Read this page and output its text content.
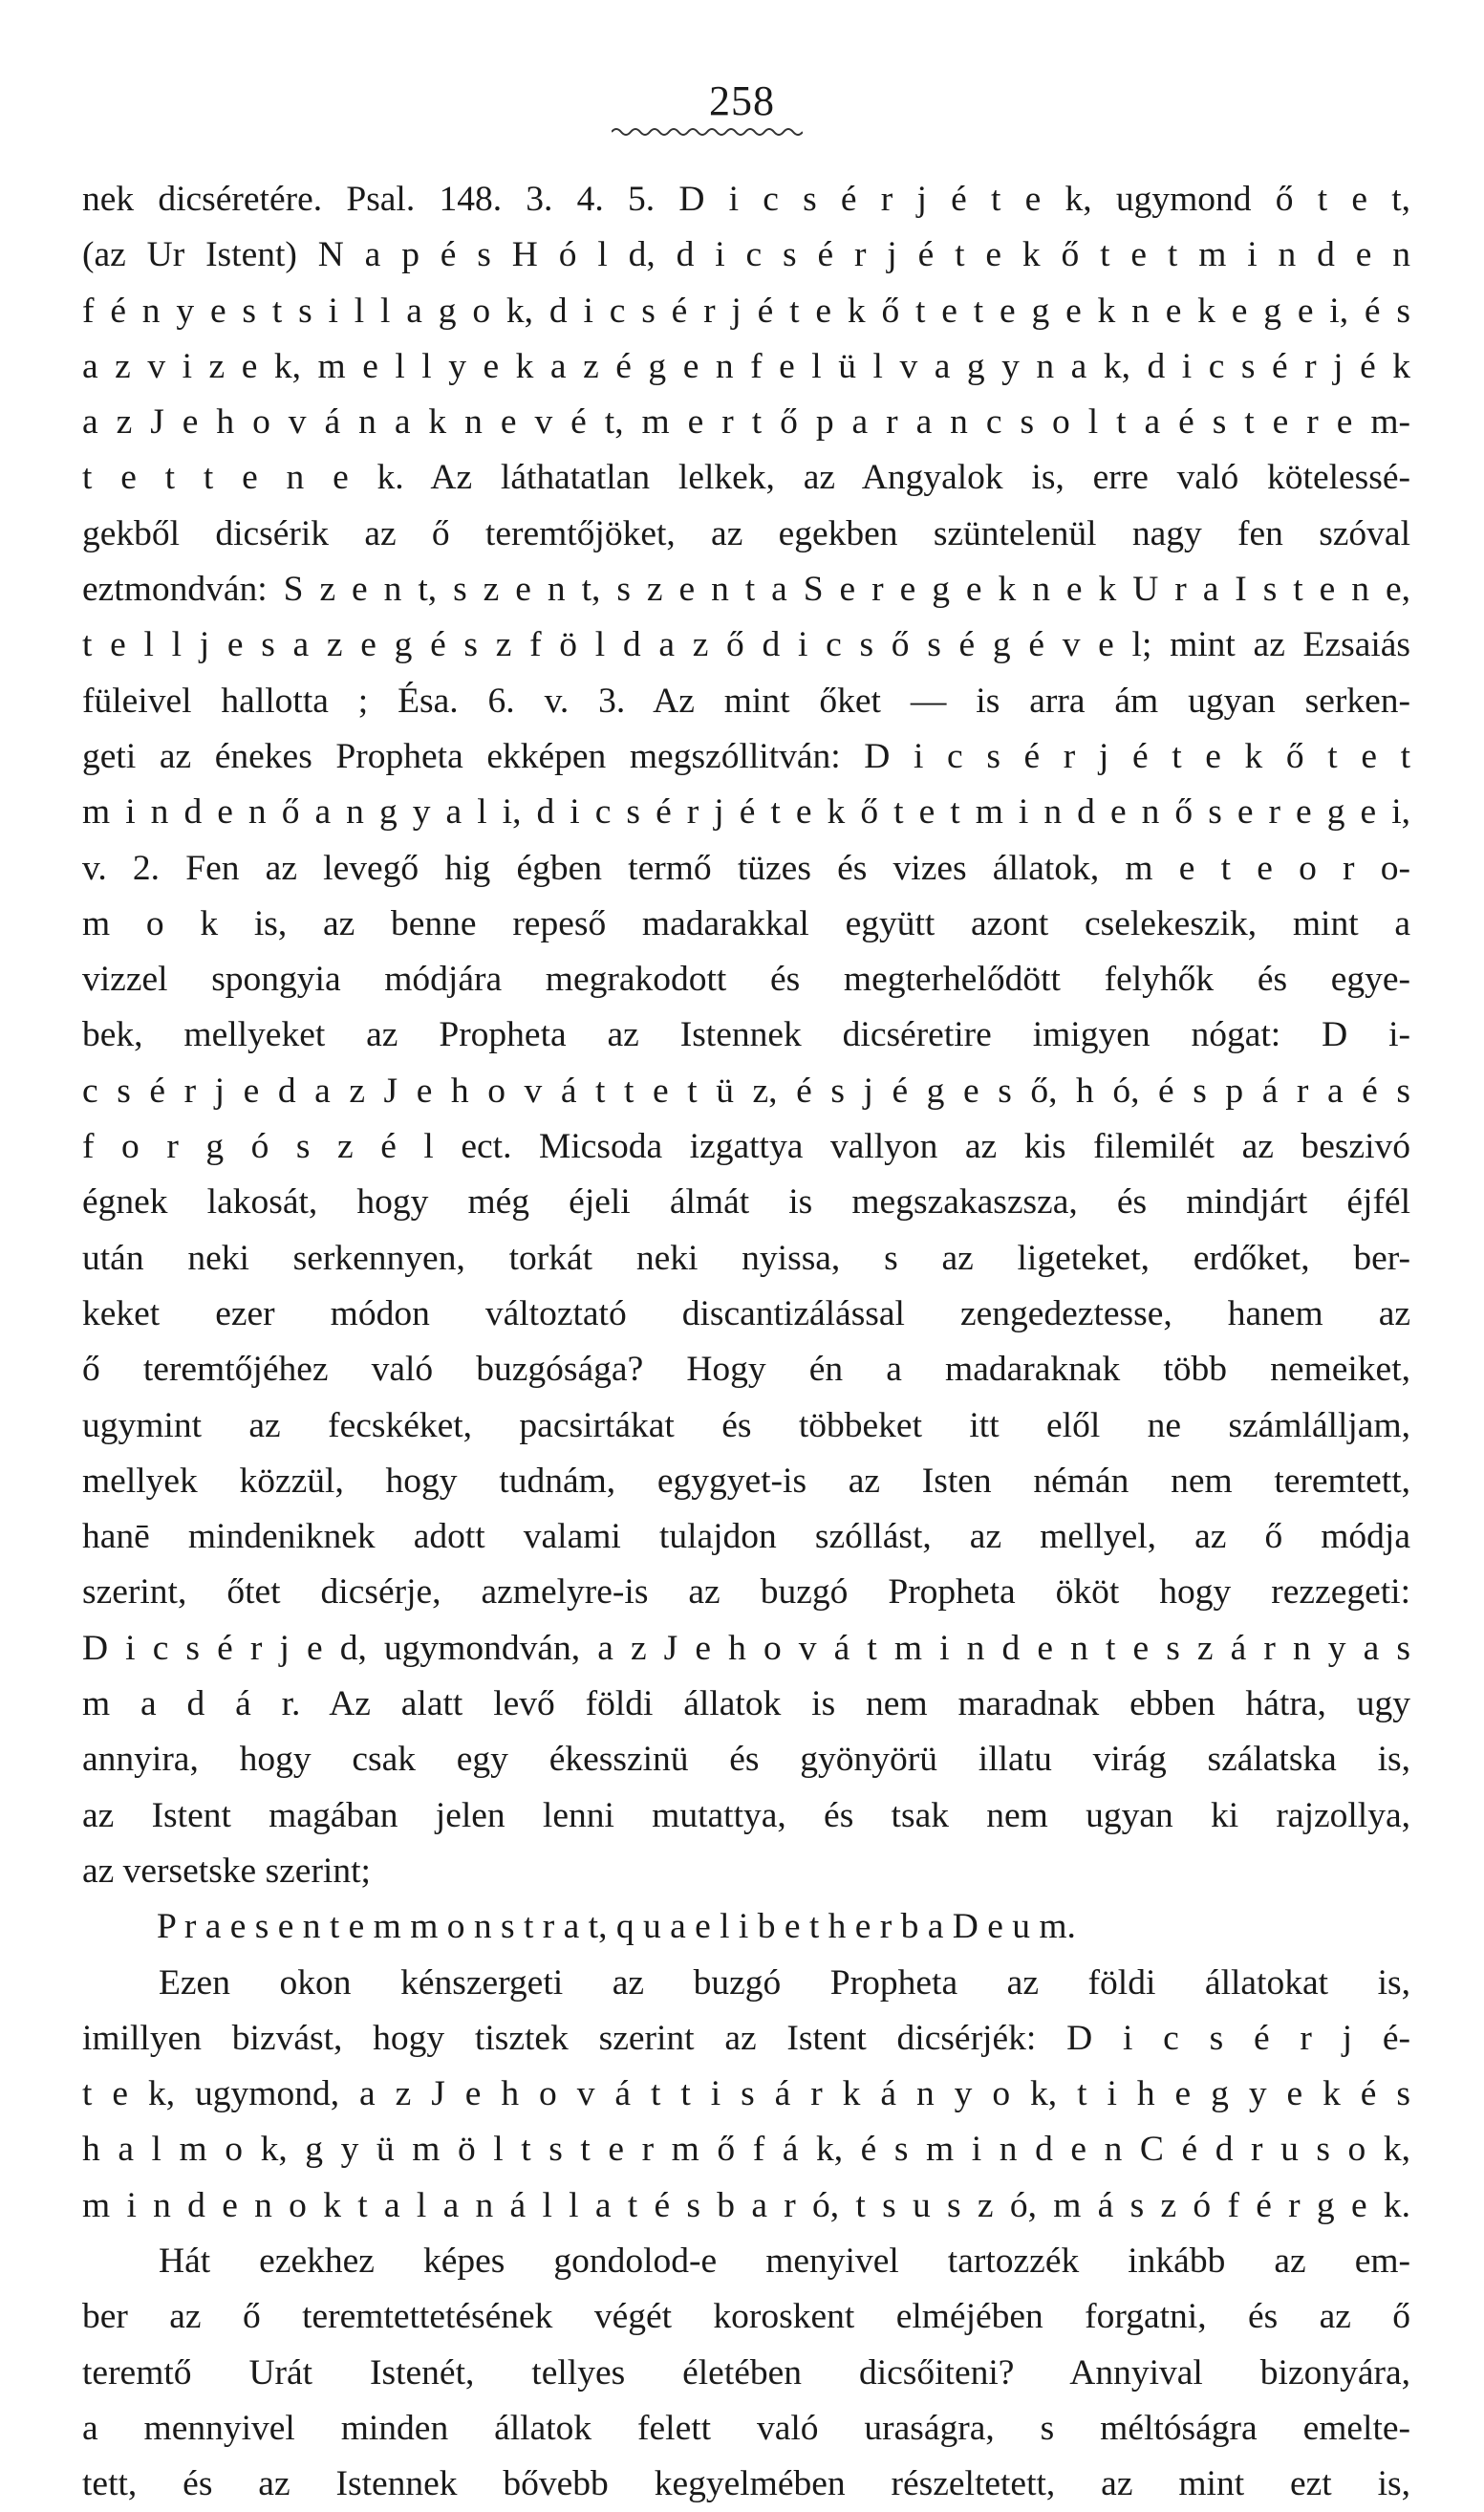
258
nek dicséretére. Psal. 148. 3. 4. 5. D i c s é r j é t e k, ugymond ő t e t,
(az Ur Istent) N a p é s H ó l d, d i c s é r j é t e k ő t e t m i n d e n
f é n y e s t s i l l a g o k, d i c s é r j é t e k ő t e t e g e k n e k e g e i, é s
a z v i z e k, m e l l y e k a z é g e n f e l ü l v a g y n a k, d i c s é r j é k
a z J e h o v á n a k n e v é t, m e r t ő p a r a n c s o l t a é s t e r e m-
t e t t e n e k. Az láthatatlan lelkek, az Angyalok is, erre való kötelessé-
gekből dicsérik az ő teremtőjöket, az egekben szüntelenül nagy fen szóval
eztmondván: S z e n t, s z e n t, s z e n t a S e r e g e k n e k U r a I s t e n e,
t e l l j e s a z e g é s z f ö l d a z ő d i c s ő s é g é v e l; mint az Ezsaiás
füleivel hallotta ; Ésa. 6. v. 3. Az mint őket — is arra ám ugyan serken-
geti az énekes Propheta ekképen megszóllitván: D i c s é r j é t e k ő t e t
m i n d e n ő a n g y a l i, d i c s é r j é t e k ő t e t m i n d e n ő s e r e g e i,
v. 2. Fen az levegő hig égben termő tüzes és vizes állatok, m e t e o r o-
m o k is, az benne repeső madarakkal együtt azont cselekeszik, mint a
vizzel spongyia módjára megrakodott és megterhelődött felyhők és egye-
bek, mellyeket az Propheta az Istennek dicséretire imigyen nógat: D i-
c s é r j e d a z J e h o v á t t e t ü z, é s j é g e s ő, h ó, é s p á r a é s
f o r g ó s z é l ect. Micsoda izgattya vallyon az kis filemilét az beszivó
égnek lakosát, hogy még éjeli álmát is megszakaszsza, és mindjárt éjfél
után neki serkennyen, torkát neki nyissa, s az ligeteket, erdőket, ber-
keket ezer módon változtató discantizálással zengedeztesse, hanem az
ő teremtőjéhez való buzgósága? Hogy én a madaraknak több nemeiket,
ugymint az fecskéket, pacsirtákat és többeket itt elől ne számlálljam,
mellyek közzül, hogy tudnám, egygyet-is az Isten némán nem teremtett,
hanē mindeniknek adott valami tulajdon szóllást, az mellyel, az ő módja
szerint, őtet dicsérje, azmelyre-is az buzgó Propheta ököt hogy rezzegeti:
D i c s é r j e d, ugymondván, a z J e h o v á t m i n d e n t e s z á r n y a s
m a d á r. Az alatt levő földi állatok is nem maradnak ebben hátra, ugy
annyira, hogy csak egy ékesszinü és gyönyörü illatu virág szálatska is,
az Istent magában jelen lenni mutattya, és tsak nem ugyan ki rajzollya,
az versetske szerint;
P r a e s e n t e m m o n s t r a t, q u a e l i b e t h e r b a D e u m.
Ezen okon kénszergeti az buzgó Propheta az földi állatokat is,
imillyen bizvást, hogy tisztek szerint az Istent dicsérjék: D i c s é r j é-
t e k, ugymond, a z J e h o v á t t i s á r k á n y o k, t i h e g y e k é s
h a l m o k, g y ü m ö l t s t e r m ő f á k, é s m i n d e n C é d r u s o k,
m i n d e n o k t a l a n á l l a t é s b a r ó, t s u s z ó, m á s z ó f é r g e k.
Hát ezekhez képes gondolod-e menyivel tartozzék inkább az em-
ber az ő teremtettetésének végét koroskent elméjében forgatni, és az ő
teremtő Urát Istenét, tellyes életében dicsőiteni? Annyival bizonyára,
a mennyivel minden állatok felett való uraságra, s méltóságra emelte-
tett, és az Istennek bővebb kegyelmében részeltetett, az mint ezt is,
